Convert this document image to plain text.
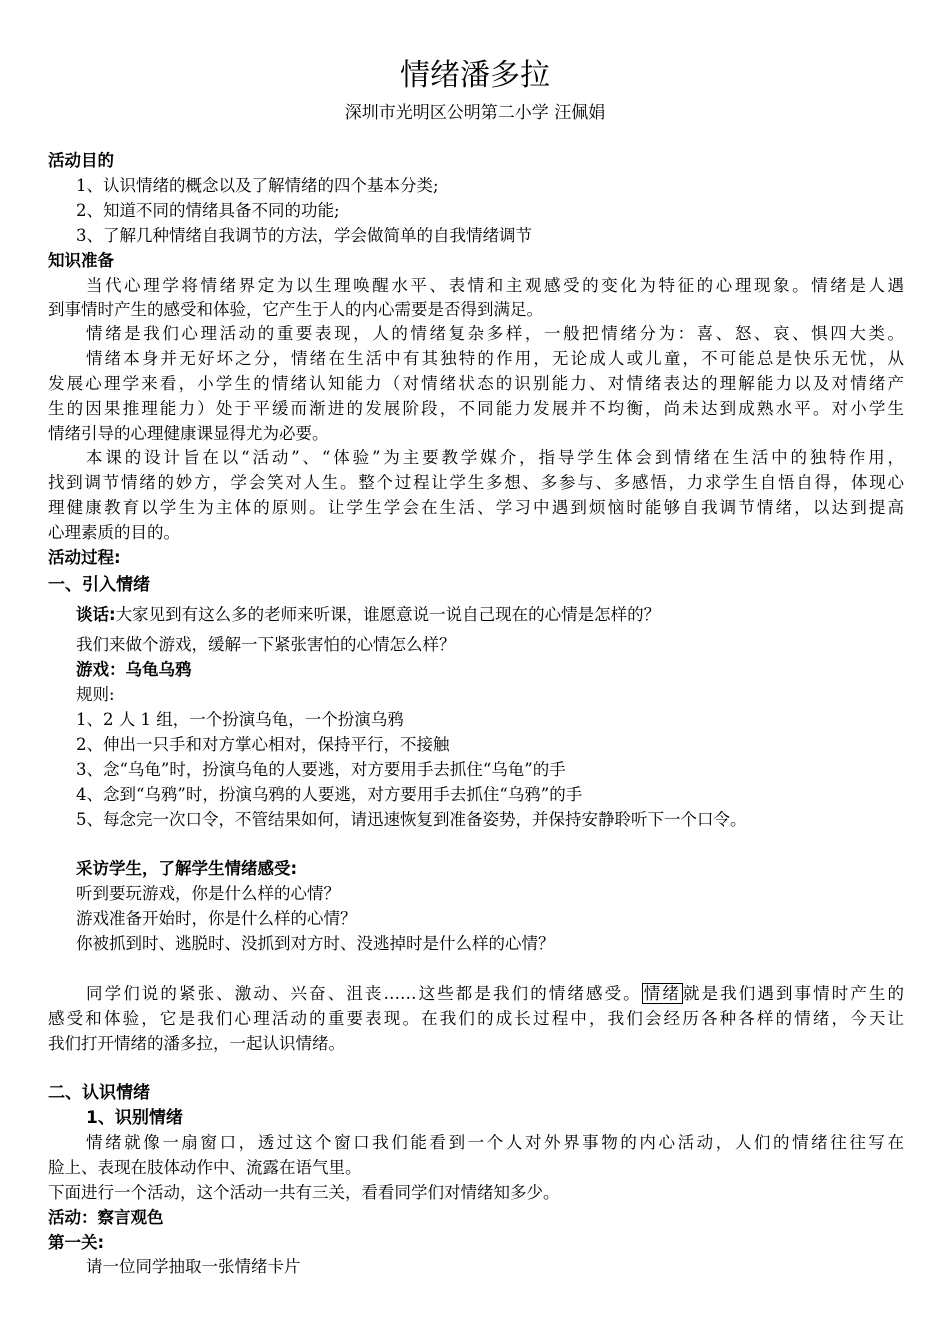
情绪潘多拉
深圳市光明区公明第二小学 汪佩娟
活动目的
1、认识情绪的概念以及了解情绪的四个基本分类;
2、知道不同的情绪具备不同的功能;
3、了解几种情绪自我调节的方法，学会做简单的自我情绪调节
知识准备
当代心理学将情绪界定为以生理唤醒水平、表情和主观感受的变化为特征的心理现象。情绪是人遇
到事情时产生的感受和体验，它产生于人的内心需要是否得到满足。
情绪是我们心理活动的重要表现，人的情绪复杂多样，一般把情绪分为：喜、怒、哀、惧四大类。
情绪本身并无好坏之分，情绪在生活中有其独特的作用，无论成人或儿童，不可能总是快乐无忧，从
发展心理学来看，小学生的情绪认知能力（对情绪状态的识别能力、对情绪表达的理解能力以及对情绪产
生的因果推理能力）处于平缓而渐进的发展阶段，不同能力发展并不均衡，尚未达到成熟水平。对小学生
情绪引导的心理健康课显得尤为必要。
本课的设计旨在以“活动”、“体验”为主要教学媒介，指导学生体会到情绪在生活中的独特作用，
找到调节情绪的妙方，学会笑对人生。整个过程让学生多想、多参与、多感悟，力求学生自悟自得，体现心
理健康教育以学生为主体的原则。让学生学会在生活、学习中遇到烦恼时能够自我调节情绪，以达到提高
心理素质的目的。
活动过程:
一、引入情绪
谈话:大家见到有这么多的老师来听课，谁愿意说一说自己现在的心情是怎样的？
我们来做个游戏，缓解一下紧张害怕的心情怎么样？
游戏：乌龟乌鸦
规则:
1、2 人 1 组，一个扮演乌龟，一个扮演乌鸦
2、伸出一只手和对方掌心相对，保持平行，不接触
3、念“乌龟”时，扮演乌龟的人要逃，对方要用手去抓住“乌龟”的手
4、念到“乌鸦”时，扮演乌鸦的人要逃，对方要用手去抓住“乌鸦”的手
5、每念完一次口令，不管结果如何，请迅速恢复到准备姿势，并保持安静聆听下一个口令。
采访学生，了解学生情绪感受:
听到要玩游戏，你是什么样的心情？
游戏准备开始时，你是什么样的心情？
你被抓到时、逃脱时、没抓到对方时、没逃掉时是什么样的心情？
同学们说的紧张、激动、兴奋、沮丧……这些都是我们的情绪感受。 情绪 就是我们遇到事情时产生的
感受和体验，它是我们心理活动的重要表现。在我们的成长过程中，我们会经历各种各样的情绪，今天让
我们打开情绪的潘多拉，一起认识情绪。
二、认识情绪
1、识别情绪
情绪就像一扇窗口，透过这个窗口我们能看到一个人对外界事物的内心活动，人们的情绪往往写在
脸上、表现在肢体动作中、流露在语气里。
下面进行一个活动，这个活动一共有三关，看看同学们对情绪知多少。
活动：察言观色
第一关:
请一位同学抽取一张情绪卡片
